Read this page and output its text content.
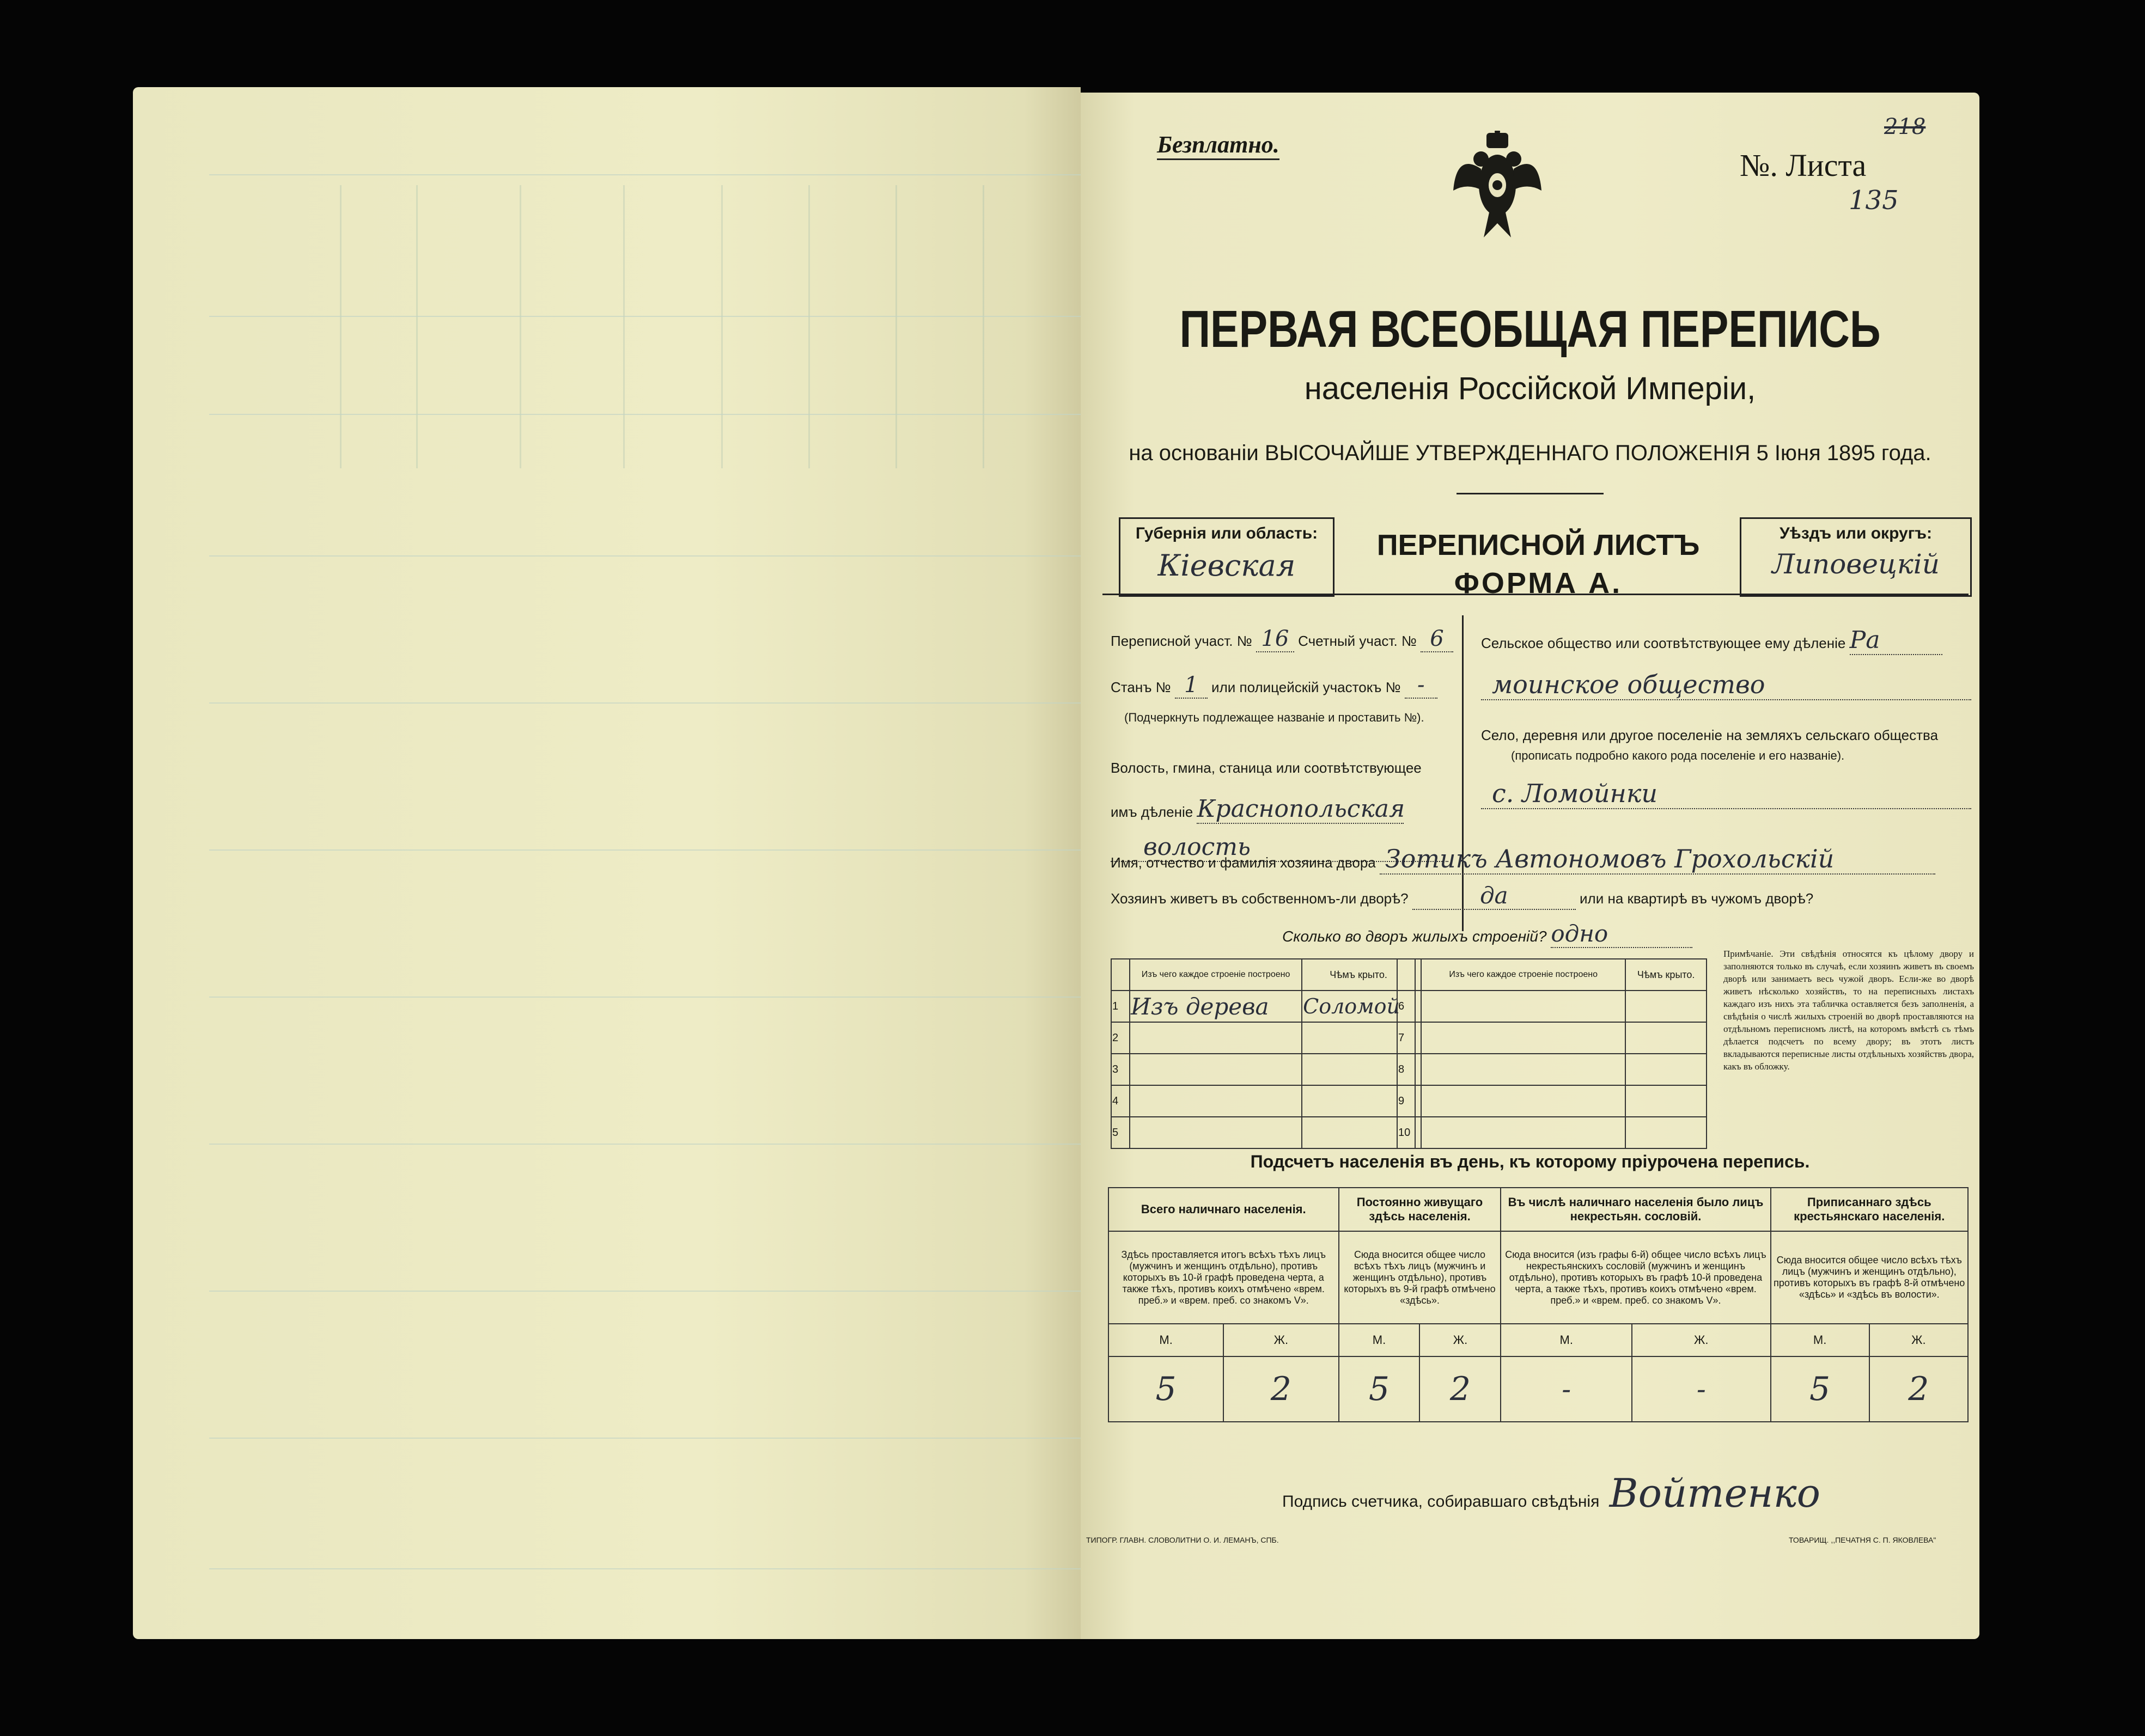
Безплатно.
№. Листа
218
135
ПЕРВАЯ ВСЕОБЩАЯ ПЕРЕПИСЬ
населенія Россійской Имперіи,
на основаніи ВЫСОЧАЙШЕ УТВЕРЖДЕННАГО ПОЛОЖЕНІЯ 5 Іюня 1895 года.
Губернія или область:
Кіевская
ПЕРЕПИСНОЙ ЛИСТЪ
ФОРМА А.
Уѣздъ или округъ:
Липовецкій
Переписной участ. № 16 Счетный участ. № 6
Станъ № 1 или полицейскій участокъ № -
(Подчеркнуть подлежащее названіе и проставить №).
Волость, гмина, станица или соотвѣтствующее
имъ дѣленіе Краснопольская
волость
Сельское общество или соотвѣтствующее ему дѣленіе Ра
моинское общество
Село, деревня или другое поселеніе на земляхъ сельскаго общества
(прописать подробно какого рода поселеніе и его названіе).
с. Ломойнки
Имя, отчество и фамилія хозяина двора Зотикъ Автономовъ Грохольскій
Хозяинъ живетъ въ собственномъ-ли дворѣ?	да	или на квартирѣ въ чужомъ дворѣ?
Сколько во дворъ жилыхъ строеній? одно
	Изъ чего каждое строеніе построено	Чѣмъ крыто.
1	Изъ дерева	Соломой
2		
3		
4		
5		
	Изъ чего каждое строеніе построено	Чѣмъ крыто.
6		
7		
8		
9		
10		
Примѣчаніе. Эти свѣдѣнія относятся къ цѣлому двору и заполняются только въ случаѣ, если хозяинъ живетъ въ своемъ дворѣ или занимаетъ весь чужой дворъ. Если-же во дворѣ живетъ нѣсколько хозяйствъ, то на переписныхъ листахъ каждаго изъ нихъ эта табличка оставляется безъ заполненія, а свѣдѣнія о числѣ жилыхъ строеній во дворѣ проставляются на отдѣльномъ переписномъ листѣ, на которомъ вмѣстѣ съ тѣмъ дѣлается подсчетъ по всему двору; въ этотъ листъ вкладываются переписные листы отдѣльныхъ хозяйствъ двора, какъ въ обложку.
Подсчетъ населенія въ день, къ которому пріурочена перепись.
Всего наличнаго населенія.		Постоянно живущаго здѣсь населенія.		Въ числѣ наличнаго населенія было лицъ некрестьян. сословій.		Приписаннаго здѣсь крестьянскаго населенія.	
Здѣсь проставляется итогъ всѣхъ тѣхъ лицъ (мужчинъ и женщинъ отдѣльно), противъ которыхъ въ 10-й графѣ проведена черта, а также тѣхъ, противъ коихъ отмѣчено «врем. преб.» и «врем. преб. со знакомъ V».		Сюда вносится общее число всѣхъ тѣхъ лицъ (мужчинъ и женщинъ отдѣльно), противъ которыхъ въ 9-й графѣ отмѣчено «здѣсь».		Сюда вносится (изъ графы 6-й) общее число всѣхъ лицъ некрестьянскихъ сословій (мужчинъ и женщинъ отдѣльно), противъ которыхъ въ графѣ 10-й проведена черта, а также тѣхъ, противъ коихъ отмѣчено «врем. преб.» и «врем. преб. со знакомъ V».		Сюда вносится общее число всѣхъ тѣхъ лицъ (мужчинъ и женщинъ отдѣльно), противъ которыхъ въ графѣ 8-й отмѣчено «здѣсь» и «здѣсь въ волости».	
М.	Ж.	М.	Ж.	М.	Ж.	М.	Ж.
5	2	5	2	-	-	5	2
Подпись счетчика, собиравшаго свѣдѣнія Войтенко
ТИПОГР. ГЛАВН. СЛОВОЛИТНИ О. И. ЛЕМАНЪ, СПБ.	ТОВАРИЩ. ,,ПЕЧАТНЯ С. П. ЯКОВЛЕВА"
